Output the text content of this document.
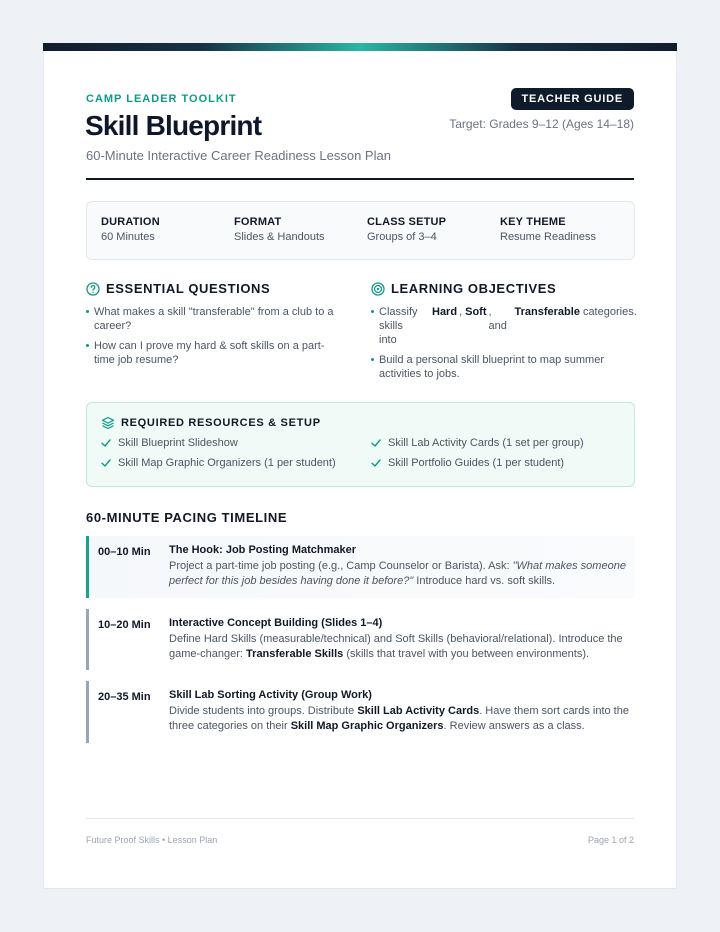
CAMP LEADER TOOLKIT	TEACHER GUIDE
Skill Blueprint	Target: Grades 9–12 (Ages 14–18)
60-Minute Interactive Career Readiness Lesson Plan
DURATION
60 Minutes
FORMAT
Slides & Handouts
CLASS SETUP
Groups of 3–4
KEY THEME
Resume Readiness
ESSENTIAL QUESTIONS
What makes a skill "transferable" from a club to a career?
How can I prove my hard & soft skills on a part-time job resume?
LEARNING OBJECTIVES
Classify skills into
Hard , Soft , and
Transferable categories.
Build a personal skill blueprint to map summer activities to jobs.
REQUIRED RESOURCES & SETUP
Skill Blueprint Slideshow	Skill Lab Activity Cards (1 set per group)
Skill Map Graphic Organizers (1 per student)	Skill Portfolio Guides (1 per student)
60-MINUTE PACING TIMELINE
00–10 Min The Hook: Job Posting Matchmaker
Project a part-time job posting (e.g., Camp Counselor or Barista). Ask: "What makes someone perfect for this job besides having done it before?" Introduce hard vs. soft skills.
10–20 Min Interactive Concept Building (Slides 1–4)
Define Hard Skills (measurable/technical) and Soft Skills (behavioral/relational). Introduce the game-changer: Transferable Skills (skills that travel with you between environments).
20–35 Min Skill Lab Sorting Activity (Group Work)
Divide students into groups. Distribute Skill Lab Activity Cards. Have them sort cards into the three categories on their Skill Map Graphic Organizers. Review answers as a class.
Future Proof Skills • Lesson Plan	Page 1 of 2
